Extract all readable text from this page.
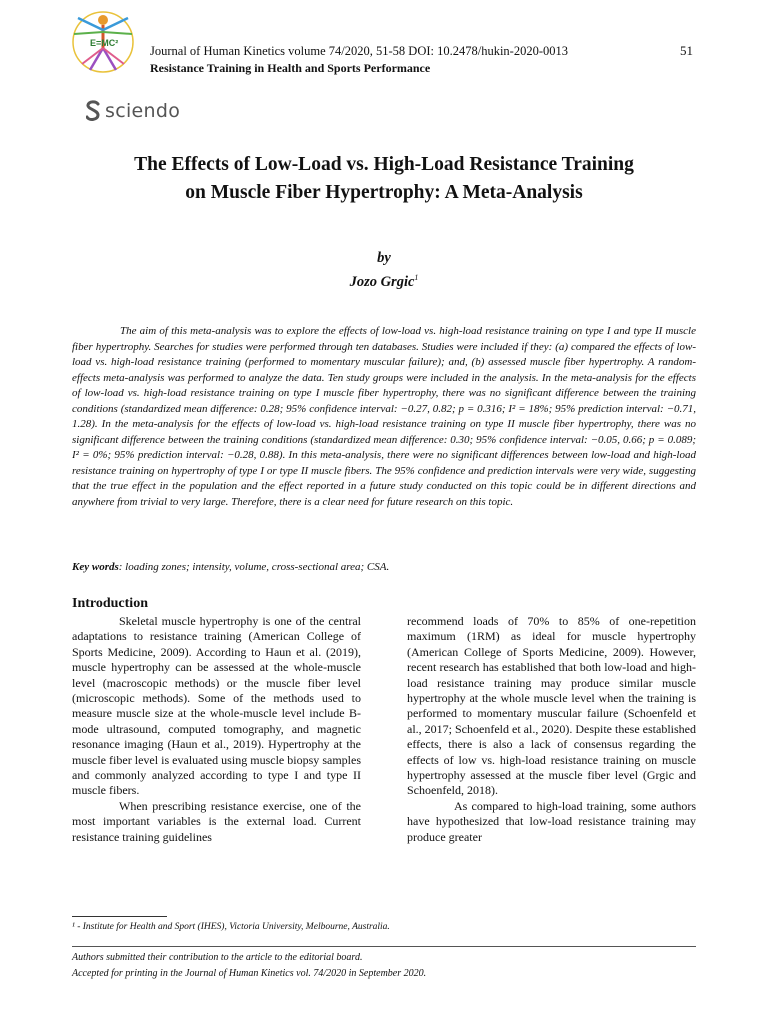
E=MC²
Journal of Human Kinetics volume 74/2020, 51-58 DOI: 10.2478/hukin-2020-0013
Resistance Training in Health and Sports Performance
51
sciendo
The Effects of Low-Load vs. High-Load Resistance Training
on Muscle Fiber Hypertrophy: A Meta-Analysis
by
Jozo Grgic$^1$

The aim of this meta-analysis was to explore the effects of low-load vs. high-load resistance training on type I and type II muscle fiber hypertrophy. Searches for studies were performed through ten databases. Studies were included if they: (a) compared the effects of low-load vs. high-load resistance training (performed to momentary muscular failure); and, (b) assessed muscle fiber hypertrophy. A random-effects meta-analysis was performed to analyze the data. Ten study groups were included in the analysis. In the meta-analysis for the effects of low-load vs. high-load resistance training on type I muscle fiber hypertrophy, there was no significant difference between the training conditions (standardized mean difference: 0.28; 95% confidence interval: −0.27, 0.82; p = 0.316; I² = 18%; 95% prediction interval: −0.71, 1.28). In the meta-analysis for the effects of low-load vs. high-load resistance training on type II muscle fiber hypertrophy, there was no significant difference between the training conditions (standardized mean difference: 0.30; 95% confidence interval: −0.05, 0.66; p = 0.089; I² = 0%; 95% prediction interval: −0.28, 0.88). In this meta-analysis, there were no significant differences between low-load and high-load resistance training on hypertrophy of type I or type II muscle fibers. The 95% confidence and prediction intervals were very wide, suggesting that the true effect in the population and the effect reported in a future study conducted on this topic could be in different directions and anywhere from trivial to very large. Therefore, there is a clear need for future research on this topic.

Key words: loading zones; intensity, volume, cross-sectional area; CSA.

Introduction

Skeletal muscle hypertrophy is one of the central adaptations to resistance training (American College of Sports Medicine, 2009). According to Haun et al. (2019), muscle hypertrophy can be assessed at the whole-muscle level (macroscopic methods) or the muscle fiber level (microscopic methods). Some of the methods used to measure muscle size at the whole-muscle level include B-mode ultrasound, computed tomography, and magnetic resonance imaging (Haun et al., 2019). Hypertrophy at the muscle fiber level is evaluated using muscle biopsy samples and commonly analyzed according to type I and type II muscle fibers.

When prescribing resistance exercise, one of the most important variables is the external load. Current resistance training guidelines

recommend loads of 70% to 85% of one-repetition maximum (1RM) as ideal for muscle hypertrophy (American College of Sports Medicine, 2009). However, recent research has established that both low-load and high-load resistance training may produce similar muscle hypertrophy at the whole muscle level when the training is performed to momentary muscular failure (Schoenfeld et al., 2017; Schoenfeld et al., 2020). Despite these established effects, there is also a lack of consensus regarding the effects of low vs. high-load resistance training on muscle hypertrophy assessed at the muscle fiber level (Grgic and Schoenfeld, 2018).

As compared to high-load training, some authors have hypothesized that low-load resistance training may produce greater

¹ - Institute for Health and Sport (IHES), Victoria University, Melbourne, Australia.
Authors submitted their contribution to the article to the editorial board.
Accepted for printing in the Journal of Human Kinetics vol. 74/2020 in September 2020.
